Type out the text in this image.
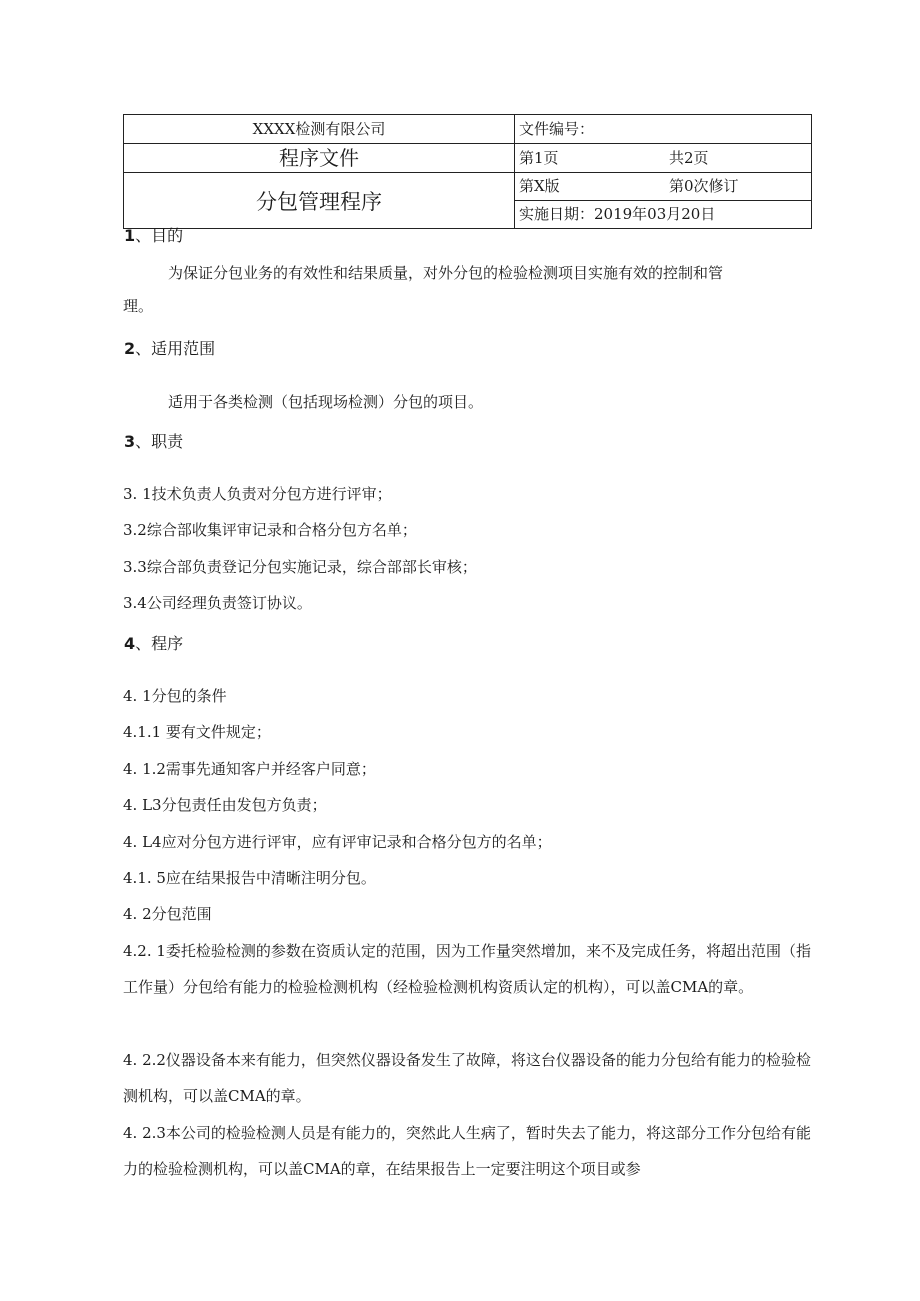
XXXX检测有限公司	文件编号：
程序文件	第1页 共2页
分包管理程序	第X版 第0次修订
	实施日期：2019年03月20日
1、目的
为保证分包业务的有效性和结果质量，对外分包的检验检测项目实施有效的控制和管
理。
2、适用范围
适用于各类检测（包括现场检测）分包的项目。
3、职责
3. 1技术负责人负责对分包方进行评审；
3.2综合部收集评审记录和合格分包方名单；
3.3综合部负责登记分包实施记录，综合部部长审核；
3.4公司经理负责签订协议。
4、程序
4. 1分包的条件
4.1.1 要有文件规定；
4. 1.2需事先通知客户并经客户同意；
4. L3分包责任由发包方负责；
4. L4应对分包方进行评审，应有评审记录和合格分包方的名单；
4.1. 5应在结果报告中清晰注明分包。
4. 2分包范围
4.2. 1委托检验检测的参数在资质认定的范围，因为工作量突然增加，来不及完成任务，将超出范围（指工作量）分包给有能力的检验检测机构（经检验检测机构资质认定的机构），可以盖CMA的章。
4. 2.2仪器设备本来有能力，但突然仪器设备发生了故障，将这台仪器设备的能力分包给有能力的检验检测机构，可以盖CMA的章。
4. 2.3本公司的检验检测人员是有能力的，突然此人生病了，暂时失去了能力，将这部分工作分包给有能力的检验检测机构，可以盖CMA的章，在结果报告上一定要注明这个项目或参
